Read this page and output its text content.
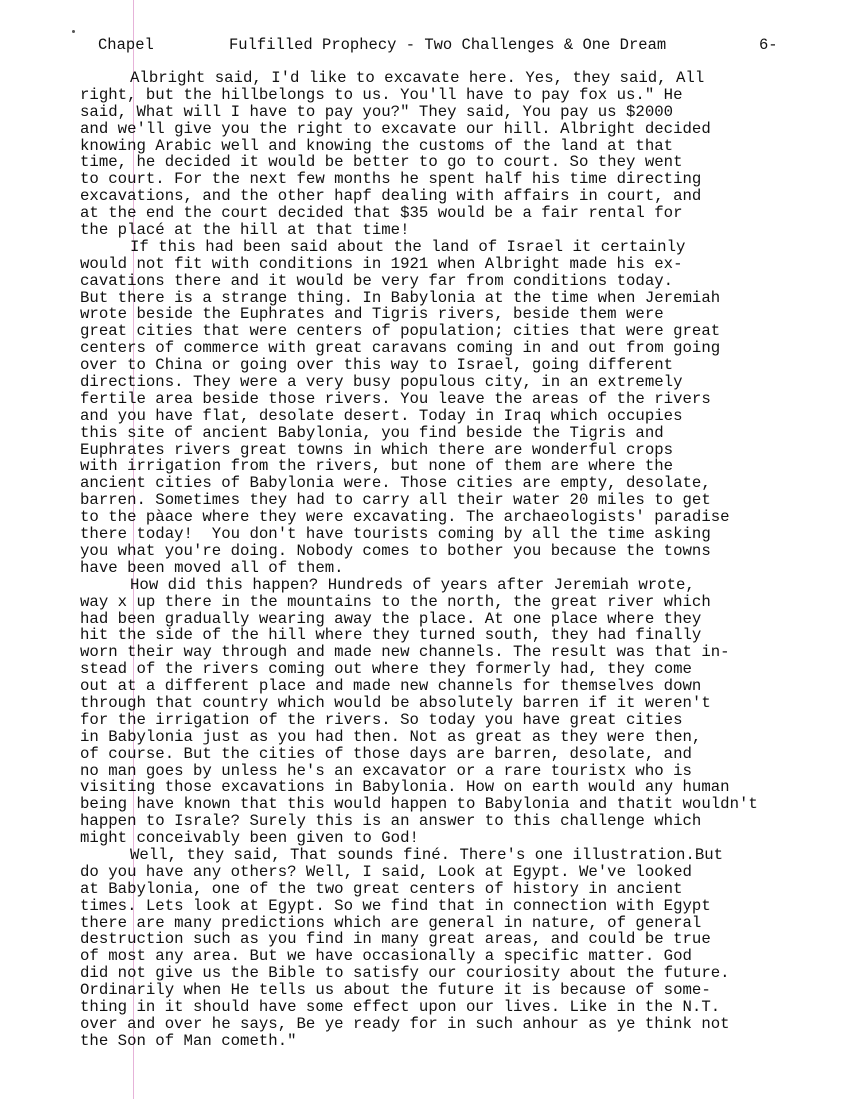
Chapel

	Fulfilled Prophecy - Two Challenges & One Dream

	6-

Albright said, I'd like to excavate here. Yes, they said, All
right, but the hillbelongs to us. You'll have to pay fox us." He
said, What will I have to pay you?" They said, You pay us $2000
and we'll give you the right to excavate our hill. Albright decided
knowing Arabic well and knowing the customs of the land at that
time, he decided it would be better to go to court. So they went
to court. For the next few months he spent half his time directing
excavations, and the other hapf dealing with affairs in court, and
at the end the court decided that $35 would be a fair rental for
the placé at the hill at that time!
If this had been said about the land of Israel it certainly
would not fit with conditions in 1921 when Albright made his ex-
cavations there and it would be very far from conditions today.
But there is a strange thing. In Babylonia at the time when Jeremiah
wrote beside the Euphrates and Tigris rivers, beside them were
great cities that were centers of population; cities that were great
centers of commerce with great caravans coming in and out from going
over to China or going over this way to Israel, going different
directions. They were a very busy populous city, in an extremely
fertile area beside those rivers. You leave the areas of the rivers
and you have flat, desolate desert. Today in Iraq which occupies
this site of ancient Babylonia, you find beside the Tigris and
Euphrates rivers great towns in which there are wonderful crops
with irrigation from the rivers, but none of them are where the
ancient cities of Babylonia were. Those cities are empty, desolate,
barren. Sometimes they had to carry all their water 20 miles to get
to the pàace where they were excavating. The archaeologists' paradise
there today!  You don't have tourists coming by all the time asking
you what you're doing. Nobody comes to bother you because the towns
have been moved all of them.
How did this happen? Hundreds of years after Jeremiah wrote,
way x up there in the mountains to the north, the great river which
had been gradually wearing away the place. At one place where they
hit the side of the hill where they turned south, they had finally
worn their way through and made new channels. The result was that in-
stead of the rivers coming out where they formerly had, they come
out at a different place and made new channels for themselves down
through that country which would be absolutely barren if it weren't
for the irrigation of the rivers. So today you have great cities
in Babylonia just as you had then. Not as great as they were then,
of course. But the cities of those days are barren, desolate, and
no man goes by unless he's an excavator or a rare touristx who is
visiting those excavations in Babylonia. How on earth would any human
being have known that this would happen to Babylonia and thatit wouldn't
happen to Israle? Surely this is an answer to this challenge which
might conceivably been given to God!
Well, they said, That sounds finé. There's one illustration.But
do you have any others? Well, I said, Look at Egypt. We've looked
at Babylonia, one of the two great centers of history in ancient
times. Lets look at Egypt. So we find that in connection with Egypt
there are many predictions which are general in nature, of general
destruction such as you find in many great areas, and could be true
of most any area. But we have occasionally a specific matter. God
did not give us the Bible to satisfy our couriosity about the future.
Ordinarily when He tells us about the future it is because of some-
thing in it should have some effect upon our lives. Like in the N.T.
over and over he says, Be ye ready for in such anhour as ye think not
the Son of Man cometh."
